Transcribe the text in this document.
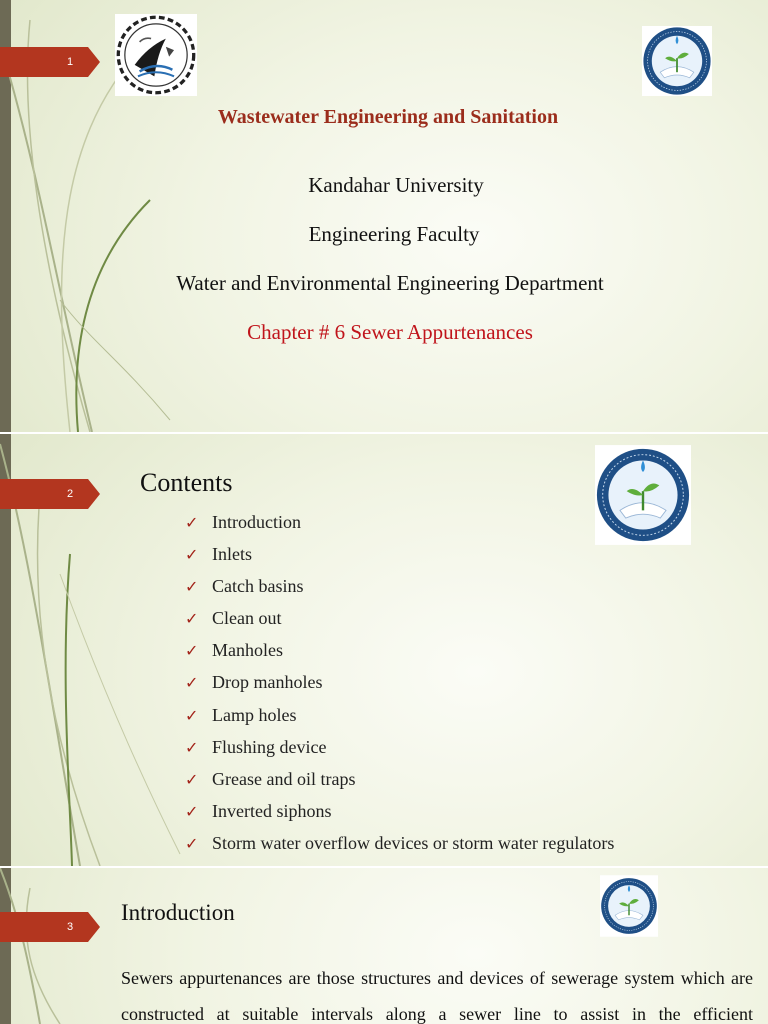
1
Wastewater Engineering and Sanitation
Kandahar University
Engineering Faculty
Water and Environmental Engineering Department
Chapter # 6 Sewer Appurtenances
2	Contents
✓ Introduction
✓ Inlets
✓ Catch basins
✓ Clean out
✓ Manholes
✓ Drop manholes
✓ Lamp holes
✓ Flushing device
✓ Grease and oil traps
✓ Inverted siphons
✓ Storm water overflow devices or storm water regulators
3
Introduction
Sewers appurtenances are those structures and devices of sewerage system which are constructed at suitable intervals along a sewer line to assist in the efficient
